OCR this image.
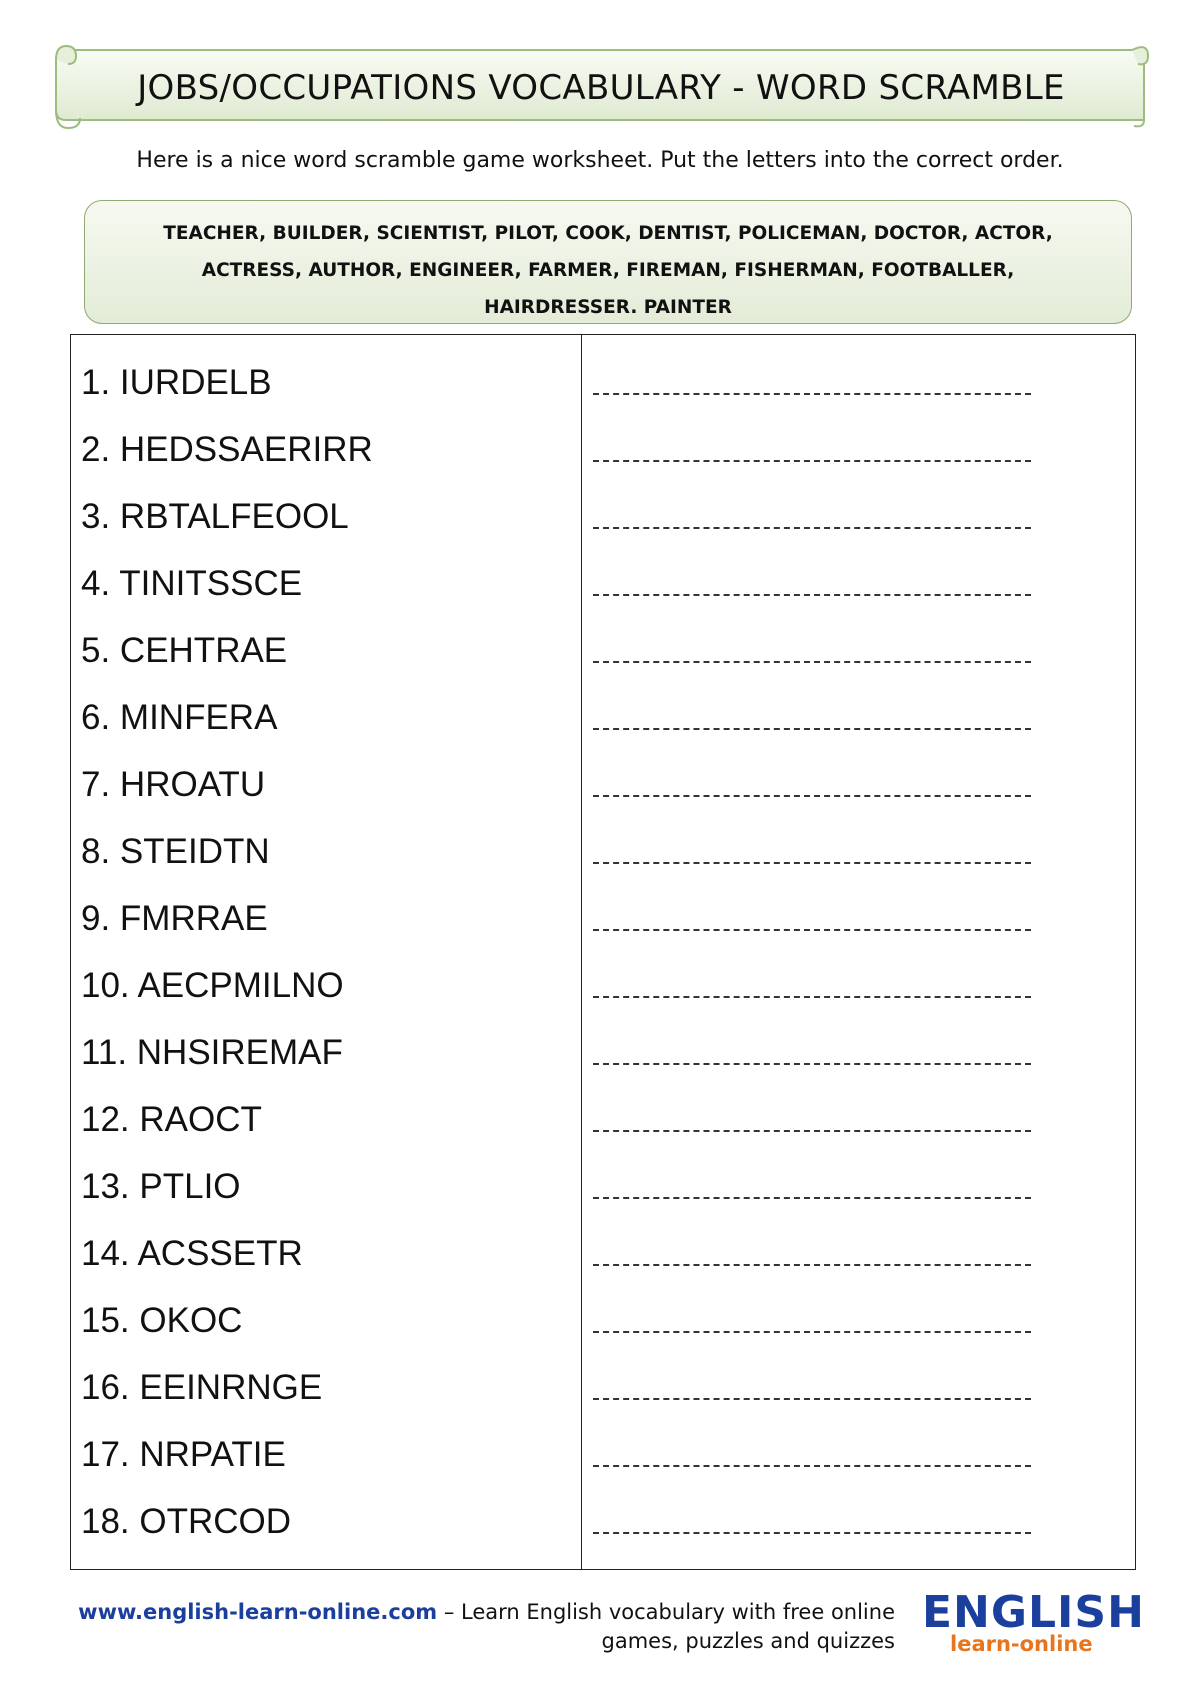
JOBS/OCCUPATIONS VOCABULARY - WORD SCRAMBLE
Here is a nice word scramble game worksheet. Put the letters into the correct order.
TEACHER, BUILDER, SCIENTIST, PILOT, COOK, DENTIST, POLICEMAN, DOCTOR, ACTOR,
ACTRESS, AUTHOR, ENGINEER, FARMER, FIREMAN, FISHERMAN, FOOTBALLER,
HAIRDRESSER. PAINTER
1. IURDELB
2. HEDSSAERIRR
3. RBTALFEOOL
4. TINITSSCE
5. CEHTRAE
6. MINFERA
7. HROATU
8. STEIDTN
9. FMRRAE
10. AECPMILNO
11. NHSIREMAF
12. RAOCT
13. PTLIO
14. ACSSETR
15. OKOC
16. EEINRNGE
17. NRPATIE
18. OTRCOD
www.english-learn-online.com – Learn English vocabulary with free online
games, puzzles and quizzes
ENGLISH
learn-online
